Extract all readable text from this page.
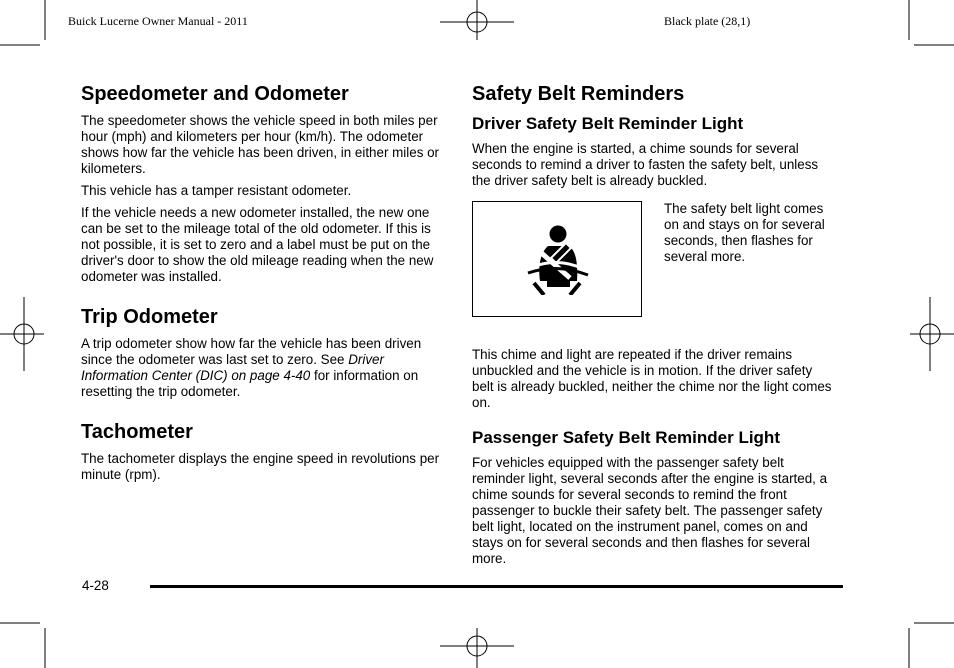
Buick Lucerne Owner Manual - 2011	Black plate (28,1)
Speedometer and Odometer

The speedometer shows the vehicle speed in both miles per hour (mph) and kilometers per hour (km/h). The odometer shows how far the vehicle has been driven, in either miles or kilometers.

This vehicle has a tamper resistant odometer.

If the vehicle needs a new odometer installed, the new one can be set to the mileage total of the old odometer. If this is not possible, it is set to zero and a label must be put on the driver's door to show the old mileage reading when the new odometer was installed.

Trip Odometer

A trip odometer show how far the vehicle has been driven since the odometer was last set to zero. See Driver Information Center (DIC) on page 4-40 for information on resetting the trip odometer.

Tachometer

The tachometer displays the engine speed in revolutions per minute (rpm).

Safety Belt Reminders
Driver Safety Belt Reminder Light

When the engine is started, a chime sounds for several seconds to remind a driver to fasten the safety belt, unless the driver safety belt is already buckled.

The safety belt light comes on and stays on for several seconds, then flashes for several more.

This chime and light are repeated if the driver remains unbuckled and the vehicle is in motion. If the driver safety belt is already buckled, neither the chime nor the light comes on.

Passenger Safety Belt Reminder Light

For vehicles equipped with the passenger safety belt reminder light, several seconds after the engine is started, a chime sounds for several seconds to remind the front passenger to buckle their safety belt. The passenger safety belt light, located on the instrument panel, comes on and stays on for several seconds and then flashes for several more.

4-28
